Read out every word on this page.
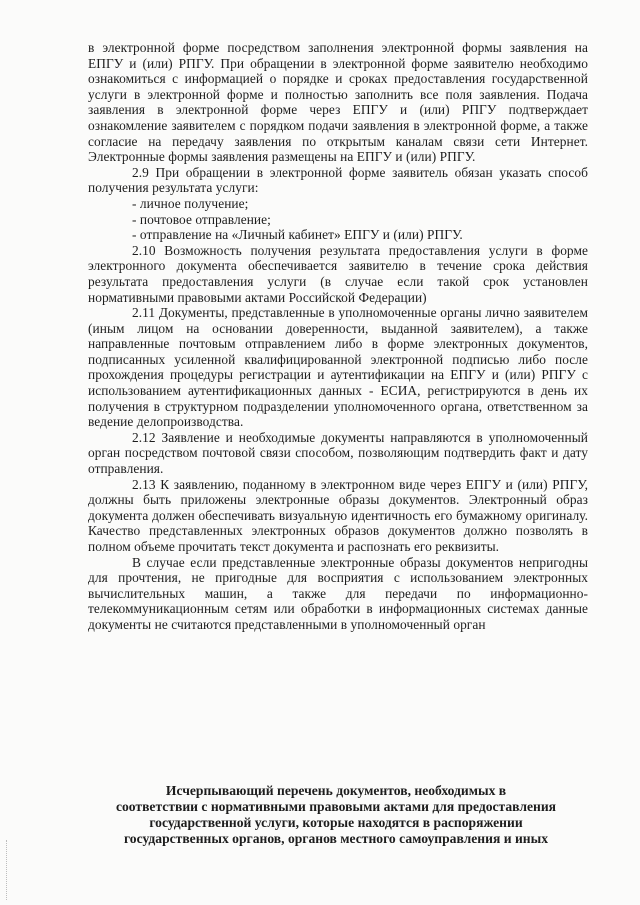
в электронной форме посредством заполнения электронной формы заявления на ЕПГУ и (или) РПГУ. При обращении в электронной форме заявителю необходимо ознакомиться с информацией о порядке и сроках предоставления государственной услуги в электронной форме и полностью заполнить все поля заявления. Подача заявления в электронной форме через ЕПГУ и (или) РПГУ подтверждает ознакомление заявителем с порядком подачи заявления в электронной форме, а также согласие на передачу заявления по открытым каналам связи сети Интернет. Электронные формы заявления размещены на ЕПГУ и (или) РПГУ.

2.9 При обращении в электронной форме заявитель обязан указать способ получения результата услуги:

- личное получение;

- почтовое отправление;

- отправление на «Личный кабинет» ЕПГУ и (или) РПГУ.

2.10 Возможность получения результата предоставления услуги в форме электронного документа обеспечивается заявителю в течение срока действия результата предоставления услуги (в случае если такой срок установлен нормативными правовыми актами Российской Федерации)

2.11 Документы, представленные в уполномоченные органы лично заявителем (иным лицом на основании доверенности, выданной заявителем), а также направленные почтовым отправлением либо в форме электронных документов, подписанных усиленной квалифицированной электронной подписью либо после прохождения процедуры регистрации и аутентификации на ЕПГУ и (или) РПГУ с использованием аутентификационных данных - ЕСИА, регистрируются в день их получения в структурном подразделении уполномоченного органа, ответственном за ведение делопроизводства.

2.12 Заявление и необходимые документы направляются в уполномоченный орган посредством почтовой связи способом, позволяющим подтвердить факт и дату отправления.

2.13 К заявлению, поданному в электронном виде через ЕПГУ и (или) РПГУ, должны быть приложены электронные образы документов. Электронный образ документа должен обеспечивать визуальную идентичность его бумажному оригиналу. Качество представленных электронных образов документов должно позволять в полном объеме прочитать текст документа и распознать его реквизиты.

В случае если представленные электронные образы документов непригодны для прочтения, не пригодные для восприятия с использованием электронных вычислительных машин, а также для передачи по информационно-телекоммуникационным сетям или обработки в информационных системах данные документы не считаются представленными в уполномоченный орган

Исчерпывающий перечень документов, необходимых в
соответствии с нормативными правовыми актами для предоставления
государственной услуги, которые находятся в распоряжении
государственных органов, органов местного самоуправления и иных
